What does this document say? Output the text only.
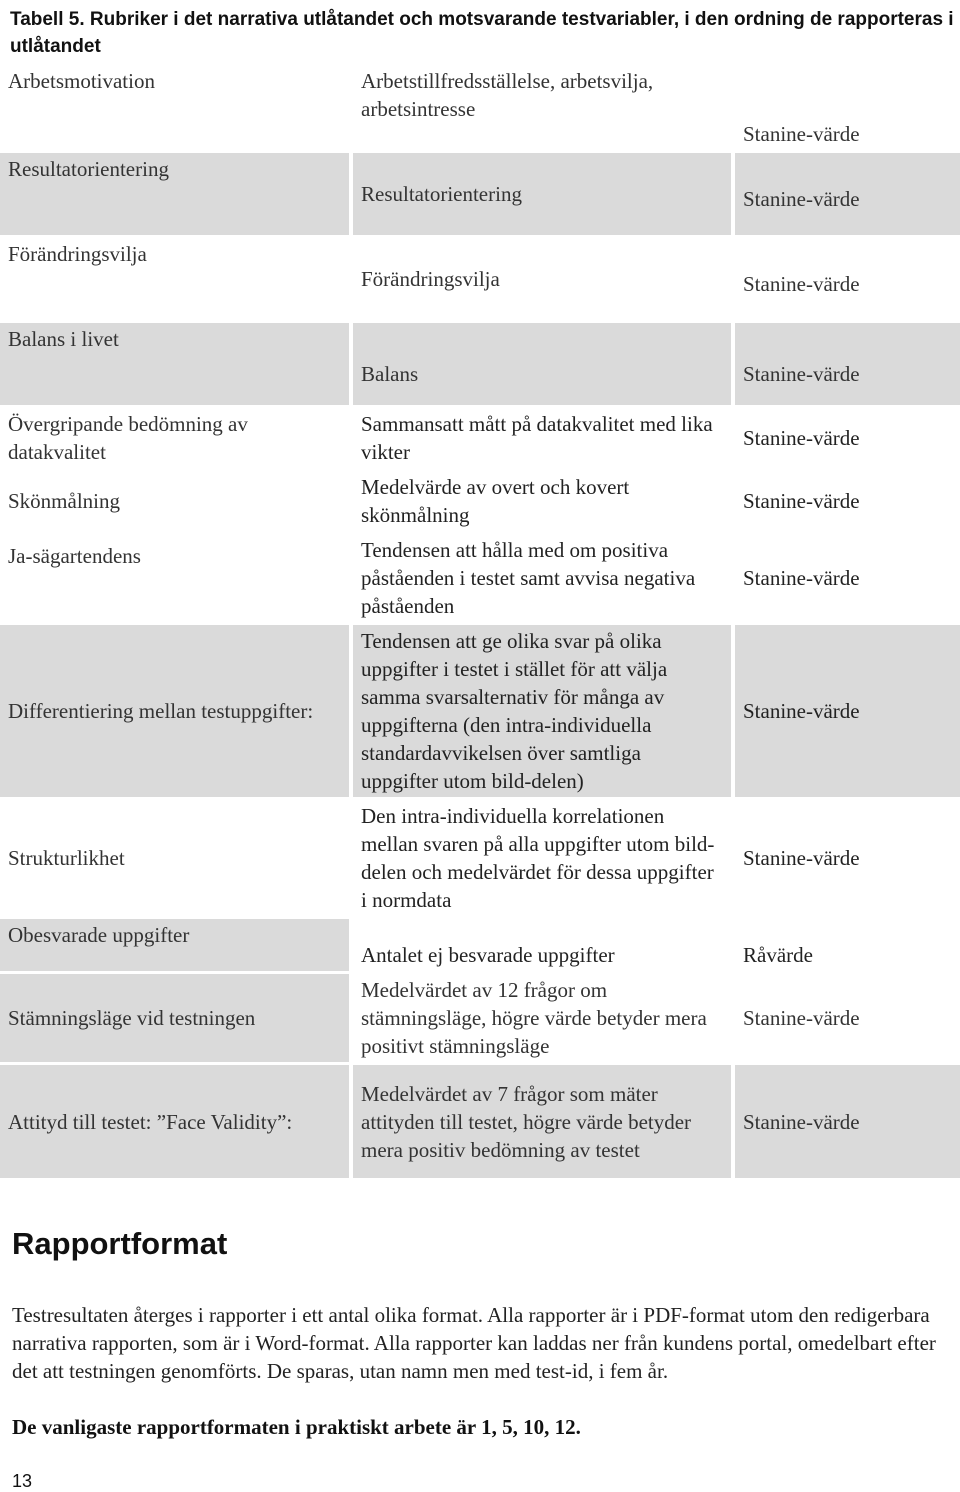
Tabell 5. Rubriker i det narrativa utlåtandet och motsvarande testvariabler, i den ordning de rapporteras i utlåtandet
Arbetsmotivation	Arbetstillfredsställelse, arbetsvilja, arbetsintresse	Stanine-värde
Resultatorientering	Resultatorientering	Stanine-värde
Förändringsvilja	Förändringsvilja	Stanine-värde
Balans i livet	Balans	Stanine-värde
Övergripande bedömning av datakvalitet	Sammansatt mått på datakvalitet med lika vikter	Stanine-värde
Skönmålning	Medelvärde av overt och kovert skönmålning	Stanine-värde
Ja-sägartendens	Tendensen att hålla med om positiva påståenden i testet samt avvisa negativa påståenden	Stanine-värde
Differentiering mellan testuppgifter:	Tendensen att ge olika svar på olika uppgifter i testet i stället för att välja samma svarsalternativ för många av uppgifterna (den intra-individuella standardavvikelsen över samtliga uppgifter utom bild-delen)	Stanine-värde
Strukturlikhet	Den intra-individuella korrelationen mellan svaren på alla uppgifter utom bild-delen och medelvärdet för dessa uppgifter i normdata	Stanine-värde
Obesvarade uppgifter	Antalet ej besvarade uppgifter	Råvärde
Stämningsläge vid testningen	Medelvärdet av 12 frågor om stämningsläge, högre värde betyder mera positivt stämningsläge	Stanine-värde
Attityd till testet: ”Face Validity”:	Medelvärdet av 7 frågor som mäter attityden till testet, högre värde betyder mera positiv bedömning av testet	Stanine-värde
Rapportformat

Testresultaten återges i rapporter i ett antal olika format. Alla rapporter är i PDF-format utom den redigerbara narrativa rapporten, som är i Word-format. Alla rapporter kan laddas ner från kundens portal, omedelbart efter det att testningen genomförts. De sparas, utan namn men med test-id, i fem år.

De vanligaste rapportformaten i praktiskt arbete är 1, 5, 10, 12.

13
